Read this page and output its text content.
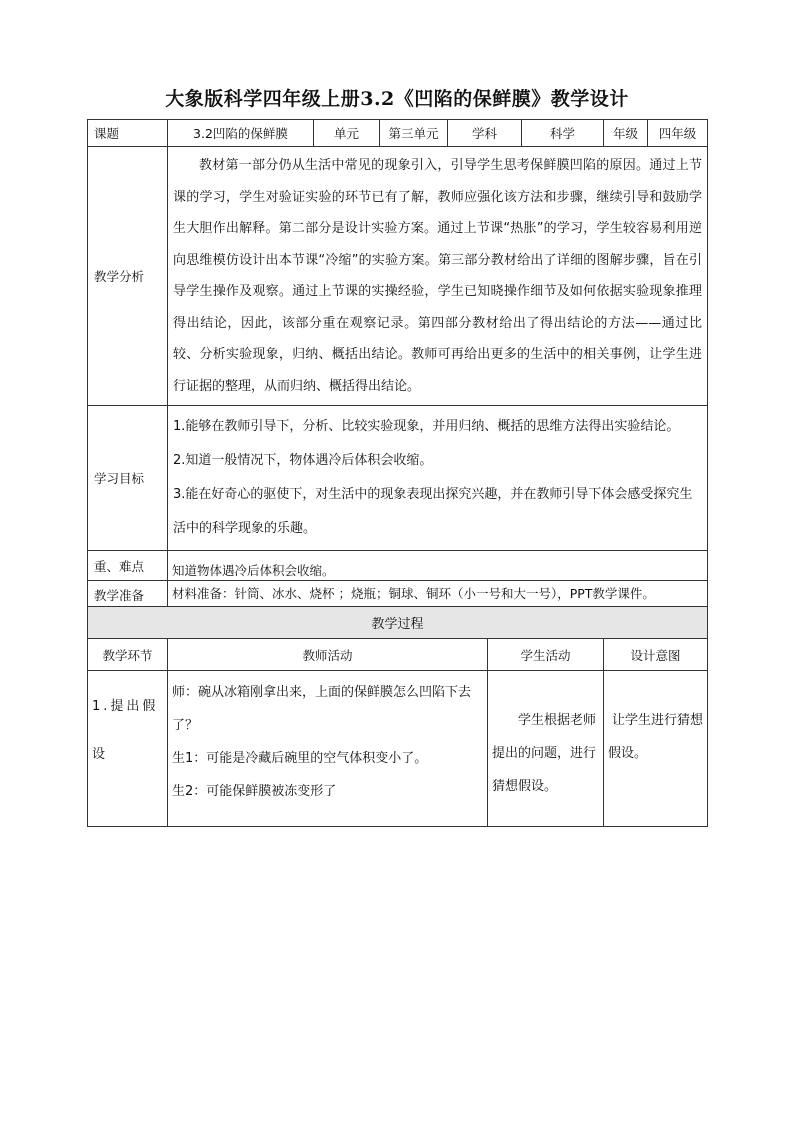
大象版科学四年级上册3.2《凹陷的保鲜膜》教学设计
课题	3.2凹陷的保鲜膜	单元	第三单元	学科	科学	年级	四年级
教学分析	教材第一部分仍从生活中常见的现象引入，引导学生思考保鲜膜凹陷的原因。通过上节课的学习，学生对验证实验的环节已有了解，教师应强化该方法和步骤，继续引导和鼓励学生大胆作出解释。第二部分是设计实验方案。通过上节课“热胀”的学习，学生较容易利用逆向思维模仿设计出本节课“冷缩”的实验方案。第三部分教材给出了详细的图解步骤，旨在引导学生操作及观察。通过上节课的实操经验，学生已知晓操作细节及如何依据实验现象推理得出结论，因此，该部分重在观察记录。第四部分教材给出了得出结论的方法——通过比较、分析实验现象，归纳、概括出结论。教师可再给出更多的生活中的相关事例，让学生进行证据的整理，从而归纳、概括得出结论。						
学习目标	1.能够在教师引导下，分析、比较实验现象，并用归纳、概括的思维方法得出实验结论。

2.知道一般情况下，物体遇冷后体积会收缩。

3.能在好奇心的驱使下，对生活中的现象表现出探究兴趣，并在教师引导下体会感受探究生活中的科学现象的乐趣。						

重、难点	知道物体遇冷后体积会收缩。						
教学准备	材料准备：针筒、冰水、烧杯 ；烧瓶；铜球、铜环（小一号和大一号），PPT教学课件。						
教学过程			
教学环节	教师活动	学生活动	设计意图
1.提出假设	师：碗从冰箱刚拿出来，上面的保鲜膜怎么凹陷下去了？

生1：可能是冷藏后碗里的空气体积变小了。

生2：可能保鲜膜被冻变形了	学生根据老师提出的问题，进行猜想假设。	让学生进行猜想假设。
